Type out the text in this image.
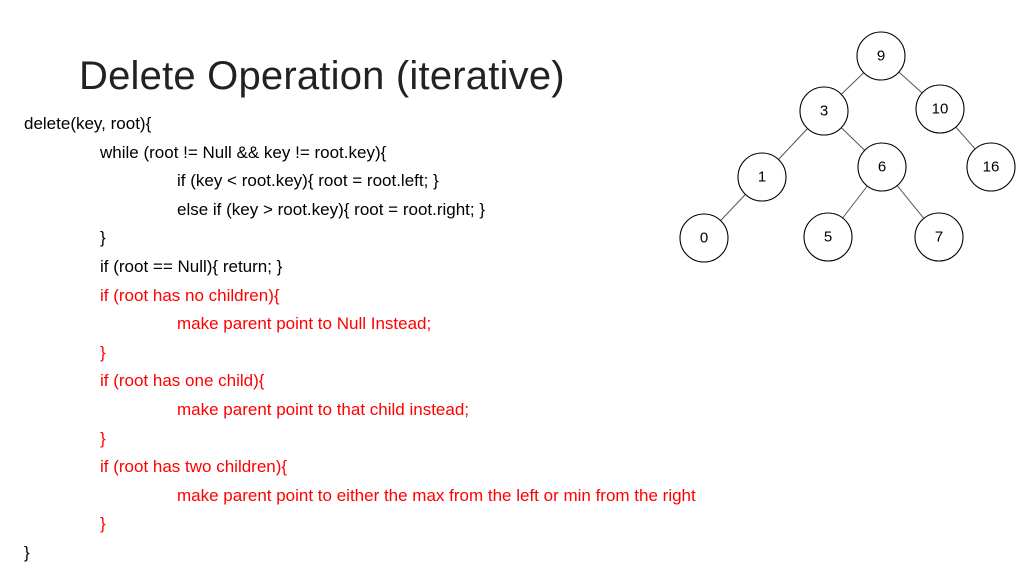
Delete Operation (iterative)
delete(key, root){
while (root != Null && key != root.key){
if (key < root.key){ root = root.left; }
else if (key > root.key){ root = root.right; }
}
if (root == Null){ return; }
if (root has no children){
make parent point to Null Instead;
}
if (root has one child){
make parent point to that child instead;
}
if (root has two children){
make parent point to either the max from the left or min from the right
}
}
9
3	10
1
6	16
0	5	7
